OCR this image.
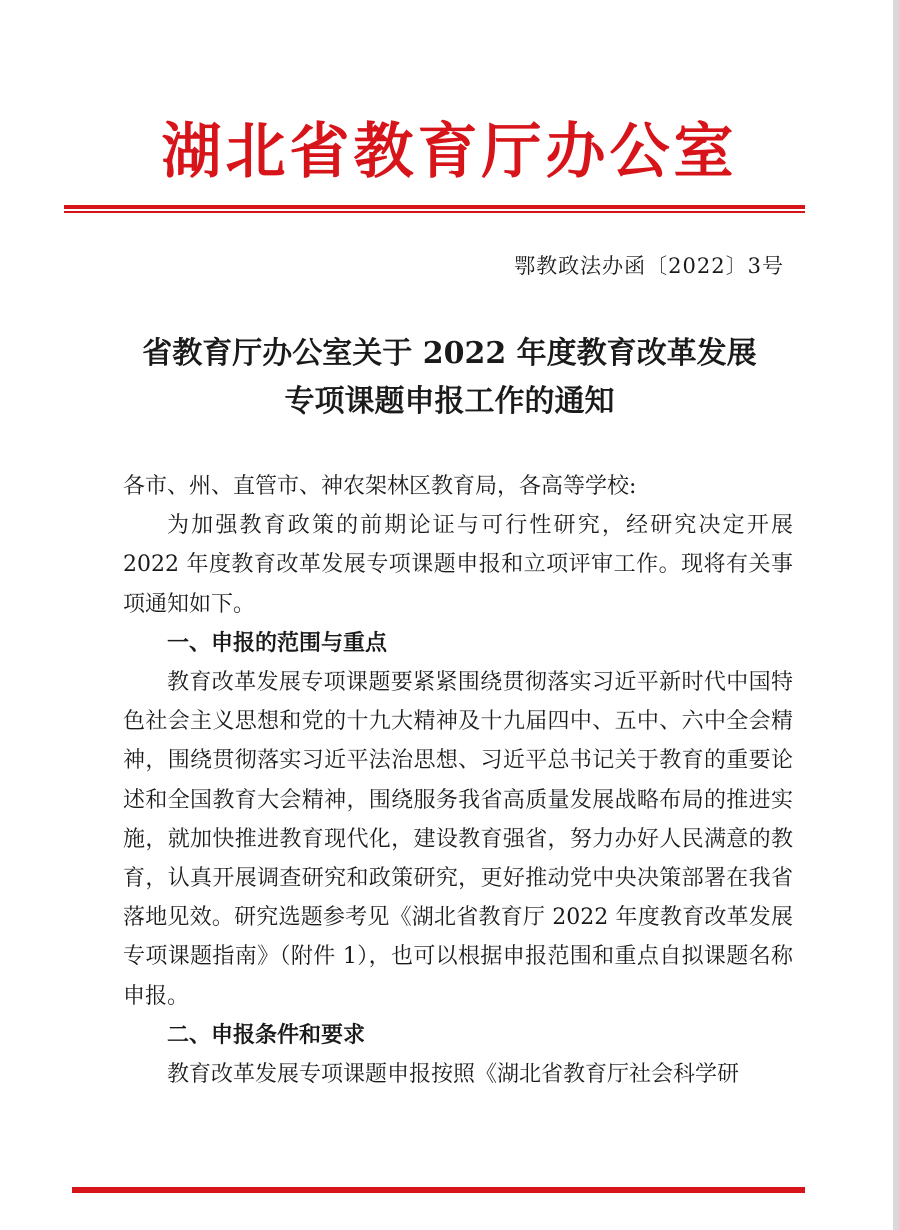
湖北省教育厅办公室
鄂教政法办函〔2022〕3号
省教育厅办公室关于 2022 年度教育改革发展
专项课题申报工作的通知

各市、州、直管市、神农架林区教育局，各高等学校:

为加强教育政策的前期论证与可行性研究，经研究决定开展2022 年度教育改革发展专项课题申报和立项评审工作。现将有关事项通知如下。

一、申报的范围与重点

教育改革发展专项课题要紧紧围绕贯彻落实习近平新时代中国特色社会主义思想和党的十九大精神及十九届四中、五中、六中全会精神，围绕贯彻落实习近平法治思想、习近平总书记关于教育的重要论述和全国教育大会精神，围绕服务我省高质量发展战略布局的推进实施，就加快推进教育现代化，建设教育强省，努力办好人民满意的教育，认真开展调查研究和政策研究，更好推动党中央决策部署在我省落地见效。研究选题参考见《湖北省教育厅 2022 年度教育改革发展专项课题指南》（附件 1），也可以根据申报范围和重点自拟课题名称申报。

二、申报条件和要求

教育改革发展专项课题申报按照《湖北省教育厅社会科学研
